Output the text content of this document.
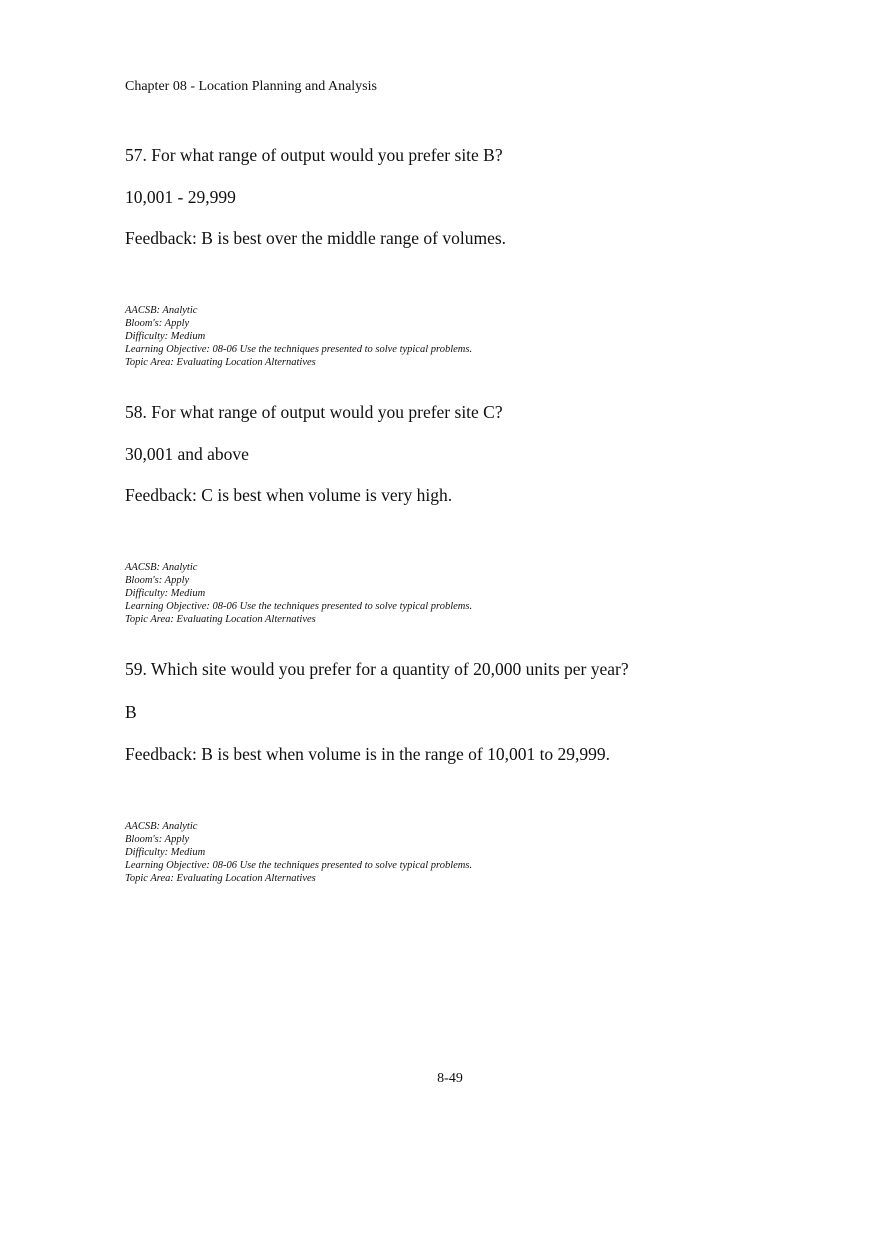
Chapter 08 - Location Planning and Analysis

57. For what range of output would you prefer site B?

10,001 - 29,999

Feedback: B is best over the middle range of volumes.

AACSB: Analytic
Bloom's: Apply
Difficulty: Medium
Learning Objective: 08-06 Use the techniques presented to solve typical problems.
Topic Area: Evaluating Location Alternatives

58. For what range of output would you prefer site C?

30,001 and above

Feedback: C is best when volume is very high.

AACSB: Analytic
Bloom's: Apply
Difficulty: Medium
Learning Objective: 08-06 Use the techniques presented to solve typical problems.
Topic Area: Evaluating Location Alternatives

59. Which site would you prefer for a quantity of 20,000 units per year?

B

Feedback: B is best when volume is in the range of 10,001 to 29,999.

AACSB: Analytic
Bloom's: Apply
Difficulty: Medium
Learning Objective: 08-06 Use the techniques presented to solve typical problems.
Topic Area: Evaluating Location Alternatives
8-49
